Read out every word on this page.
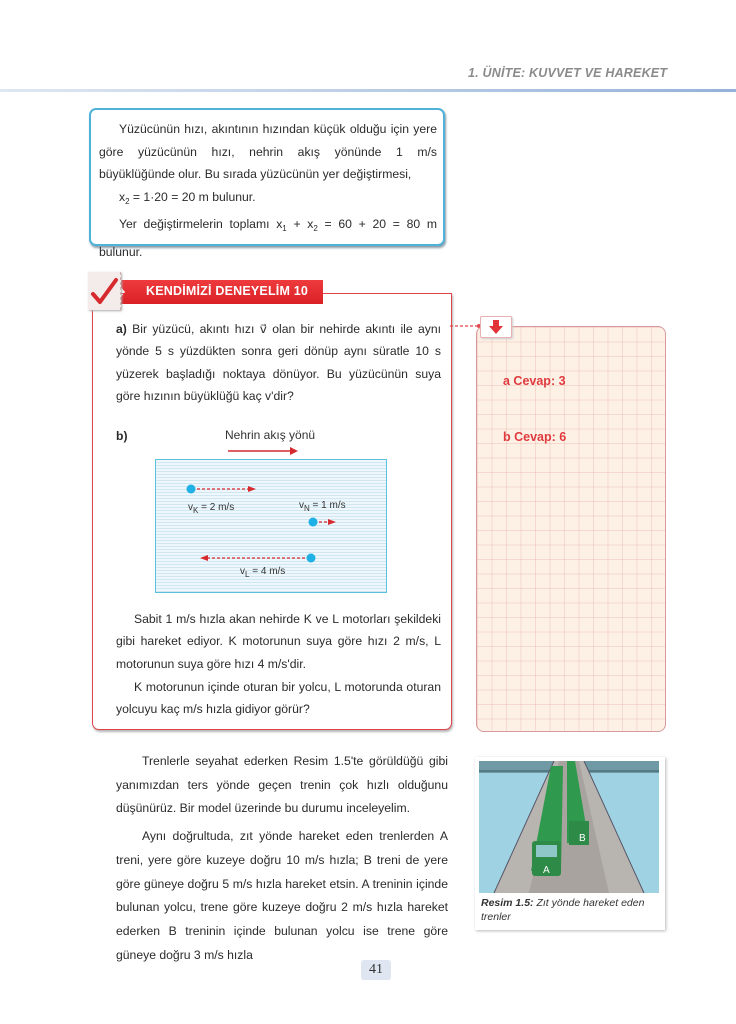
1. ÜNİTE: KUVVET VE HAREKET

Yüzücünün hızı, akıntının hızından küçük olduğu için yere göre yüzücünün hızı, nehrin akış yönünde 1 m/s büyüklüğünde olur. Bu sırada yüzücünün yer değiştirmesi,

$x_2 = 1\cdot 20 = 20$ m bulunur.

Yer değiştirmelerin toplamı $x_1 + x_2 = 60 + 20 = 80$ m bulunur.

KENDİMİZİ DENEYELİM 10
a) Bir yüzücü, akıntı hızı v⃗ olan bir nehirde akıntı ile aynı yönde 5 s yüzdükten sonra geri dönüp aynı süratle 10 s yüzerek başladığı noktaya dönüyor. Bu yüzücünün suya göre hızının büyüklüğü kaç v'dir?
b)	Nehrin akış yönü
$v_K = 2$ m/s	$v_N = 1$ m/s
$v_L = 4$ m/s
Sabit 1 m/s hızla akan nehirde K ve L motorları şekildeki gibi hareket ediyor. K motorunun suya göre hızı 2 m/s, L motorunun suya göre hızı 4 m/s'dir.
K motorunun içinde oturan bir yolcu, L motorunda oturan yolcuyu kaç m/s hızla gidiyor görür?
a Cevap: 3
b Cevap: 6

Trenlerle seyahat ederken Resim 1.5'te görüldüğü gibi yanımızdan ters yönde geçen trenin çok hızlı olduğunu düşünürüz. Bir model üzerinde bu durumu inceleyelim.

Aynı doğrultuda, zıt yönde hareket eden trenlerden A treni, yere göre kuzeye doğru 10 m/s hızla; B treni de yere göre güneye doğru 5 m/s hızla hareket etsin. A treninin içinde bulunan yolcu, trene göre kuzeye doğru 2 m/s hızla hareket ederken B treninin içinde bulunan yolcu ise trene göre güneye doğru 3 m/s hızla

A
B
Resim 1.5: Zıt yönde hareket eden trenler
41
